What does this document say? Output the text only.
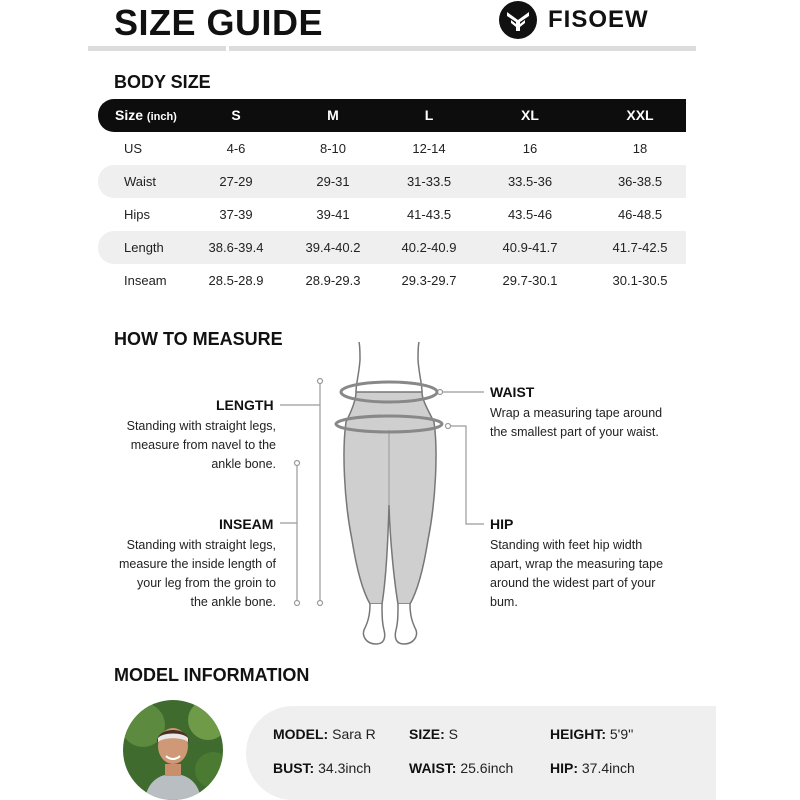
SIZE GUIDE	FISOEW
BODY SIZE
Size (inch)	S	M	L	XL	XXL
US	4-6	8-10	12-14	16	18
Waist	27-29	29-31	31-33.5	33.5-36	36-38.5
Hips	37-39	39-41	41-43.5	43.5-46	46-48.5
Length	38.6-39.4	39.4-40.2	40.2-40.9	40.9-41.7	41.7-42.5
Inseam	28.5-28.9	28.9-29.3	29.3-29.7	29.7-30.1	30.1-30.5
HOW TO MEASURE
LENGTH
Standing with straight legs,
measure from navel to the
ankle bone.
INSEAM
Standing with straight legs,
measure the inside length of
your leg from the groin to
the ankle bone.
WAIST
Wrap a measuring tape around
the smallest part of your waist.
HIP
Standing with feet hip width
apart, wrap the measuring tape
around the widest part of your
bum.
MODEL INFORMATION
MODEL: Sara R SIZE: S	HEIGHT: 5'9''
BUST: 34.3inch	WAIST: 25.6inch	HIP: 37.4inch
